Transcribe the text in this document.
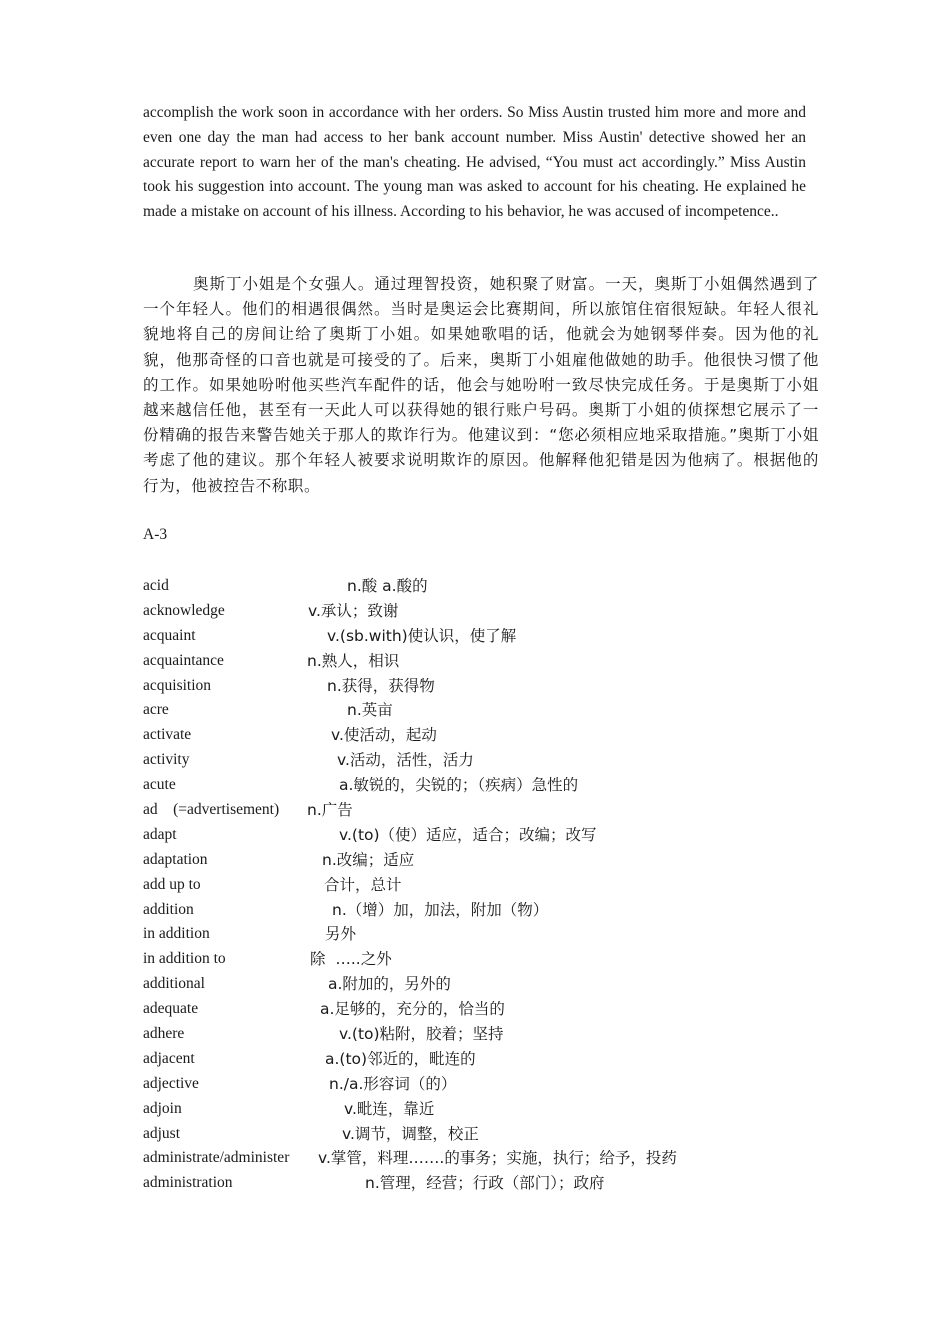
accomplish the work soon in accordance with her orders. So Miss Austin trusted him more and more and even one day the man had access to her bank account number. Miss Austin' detective showed her an accurate report to warn her of the man's cheating. He advised, “You must act accordingly.” Miss Austin took his suggestion into account. The young man was asked to account for his cheating. He explained he made a mistake on account of his illness. According to his behavior, he was accused of incompetence..

奥斯丁小姐是个女强人。通过理智投资，她积聚了财富。一天，奥斯丁小姐偶然遇到了一个年轻人。他们的相遇很偶然。当时是奥运会比赛期间，所以旅馆住宿很短缺。年轻人很礼貌地将自己的房间让给了奥斯丁小姐。如果她歌唱的话，他就会为她钢琴伴奏。因为他的礼貌，他那奇怪的口音也就是可接受的了。后来，奥斯丁小姐雇他做她的助手。他很快习惯了他的工作。如果她吩咐他买些汽车配件的话，他会与她吩咐一致尽快完成任务。于是奥斯丁小姐越来越信任他，甚至有一天此人可以获得她的银行账户号码。奥斯丁小姐的侦探想它展示了一份精确的报告来警告她关于那人的欺诈行为。他建议到：“您必须相应地采取措施。”奥斯丁小姐考虑了他的建议。那个年轻人被要求说明欺诈的原因。他解释他犯错是因为他病了。根据他的行为，他被控告不称职。

A-3

acid	n.酸 a.酸的
acknowledge	v.承认；致谢
acquaint	v.(sb.with)使认识，使了解
acquaintance	n.熟人，相识
acquisition	n.获得，获得物
acre	n.英亩
activate	v.使活动，起动
activity	v.活动，活性，活力
acute	a.敏锐的，尖锐的；（疾病）急性的
ad    (=advertisement) n.广告
adapt	v.(to)（使）适应，适合；改编；改写
adaptation	n.改编；适应
add up to	合计，总计
addition	n.（增）加，加法，附加（物）
in addition	另外
in addition to	除  …..之外
additional	a.附加的，另外的
adequate	a.足够的，充分的，恰当的
adhere	v.(to)粘附，胶着；坚持
adjacent	a.(to)邻近的，毗连的
adjective	n./a.形容词（的）
adjoin	v.毗连，靠近
adjust	v.调节，调整，校正
administrate/administer v.掌管，料理…….的事务；实施，执行；给予，投药
administration	n.管理，经营；行政（部门）；政府
